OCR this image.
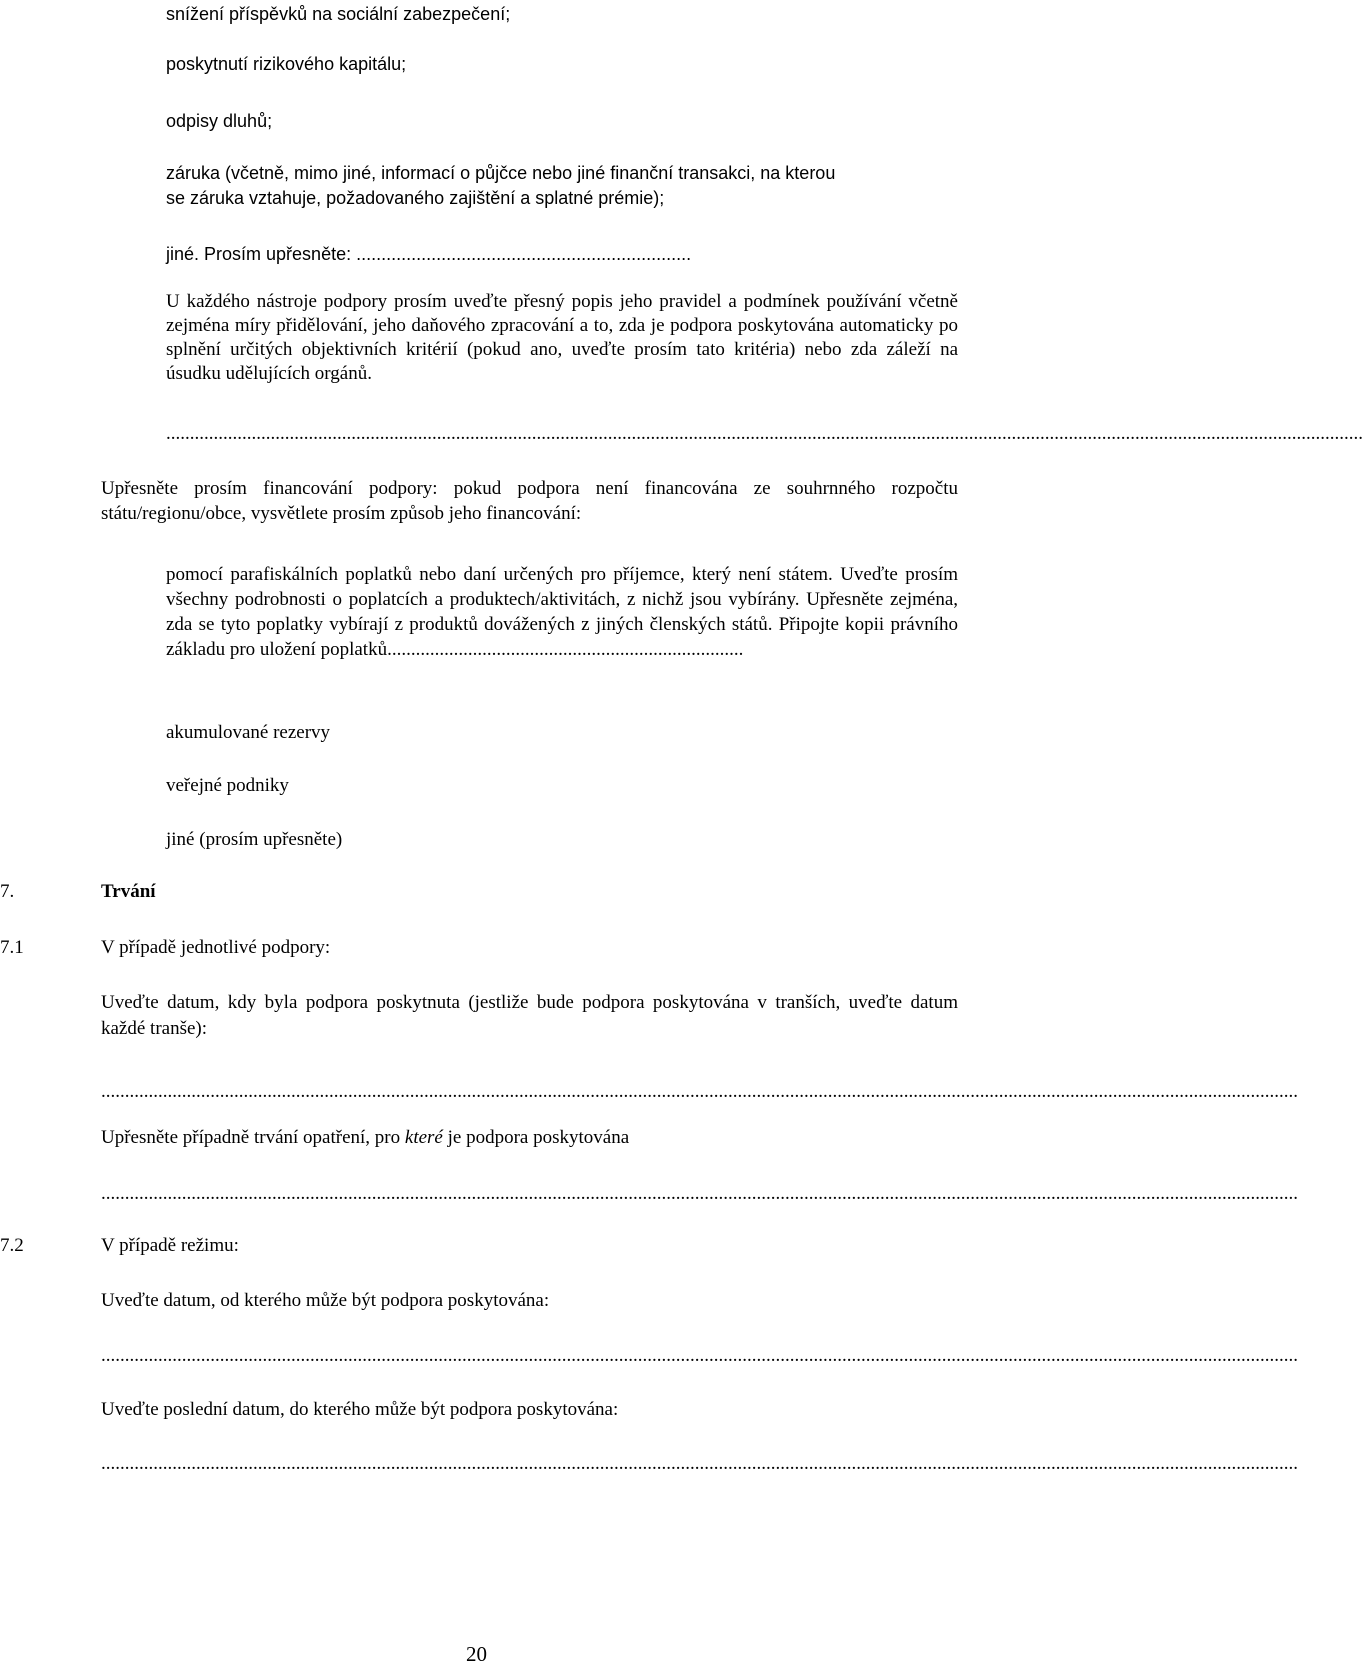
snížení příspěvků na sociální zabezpečení;
poskytnutí rizikového kapitálu;
odpisy dluhů;
záruka (včetně, mimo jiné, informací o půjčce nebo jiné finanční transakci, na kterou
se záruka vztahuje, požadovaného zajištění a splatné prémie);
jiné. Prosím upřesněte: ...................................................................
U každého nástroje podpory prosím uveďte přesný popis jeho pravidel a podmínek používání včetně zejména míry přidělování, jeho daňového zpracování a to, zda je podpora poskytována automaticky po splnění určitých objektivních kritérií (pokud ano, uveďte prosím tato kritéria) nebo zda záleží na úsudku udělujících orgánů.
............................................................................................................................................................................................................................................................
Upřesněte prosím financování podpory: pokud podpora není financována ze souhrnného rozpočtu státu/regionu/obce, vysvětlete prosím způsob jeho financování:
pomocí parafiskálních poplatků nebo daní určených pro příjemce, který není státem. Uveďte prosím všechny podrobnosti o poplatcích a produktech/aktivitách, z nichž jsou vybírány. Upřesněte zejména, zda se tyto poplatky vybírají z produktů dovážených z jiných členských států. Připojte kopii právního základu pro uložení poplatků...........................................................................
akumulované rezervy
veřejné podniky
jiné (prosím upřesněte)
7.	Trvání
7.1	V případě jednotlivé podpory:
Uveďte datum, kdy byla podpora poskytnuta (jestliže bude podpora poskytována v tranších, uveďte datum každé tranše):
............................................................................................................................................................................................................................................................
Upřesněte případně trvání opatření, pro které je podpora poskytována
............................................................................................................................................................................................................................................................
7.2	V případě režimu:
Uveďte datum, od kterého může být podpora poskytována:
............................................................................................................................................................................................................................................................
Uveďte poslední datum, do kterého může být podpora poskytována:
............................................................................................................................................................................................................................................................
20
